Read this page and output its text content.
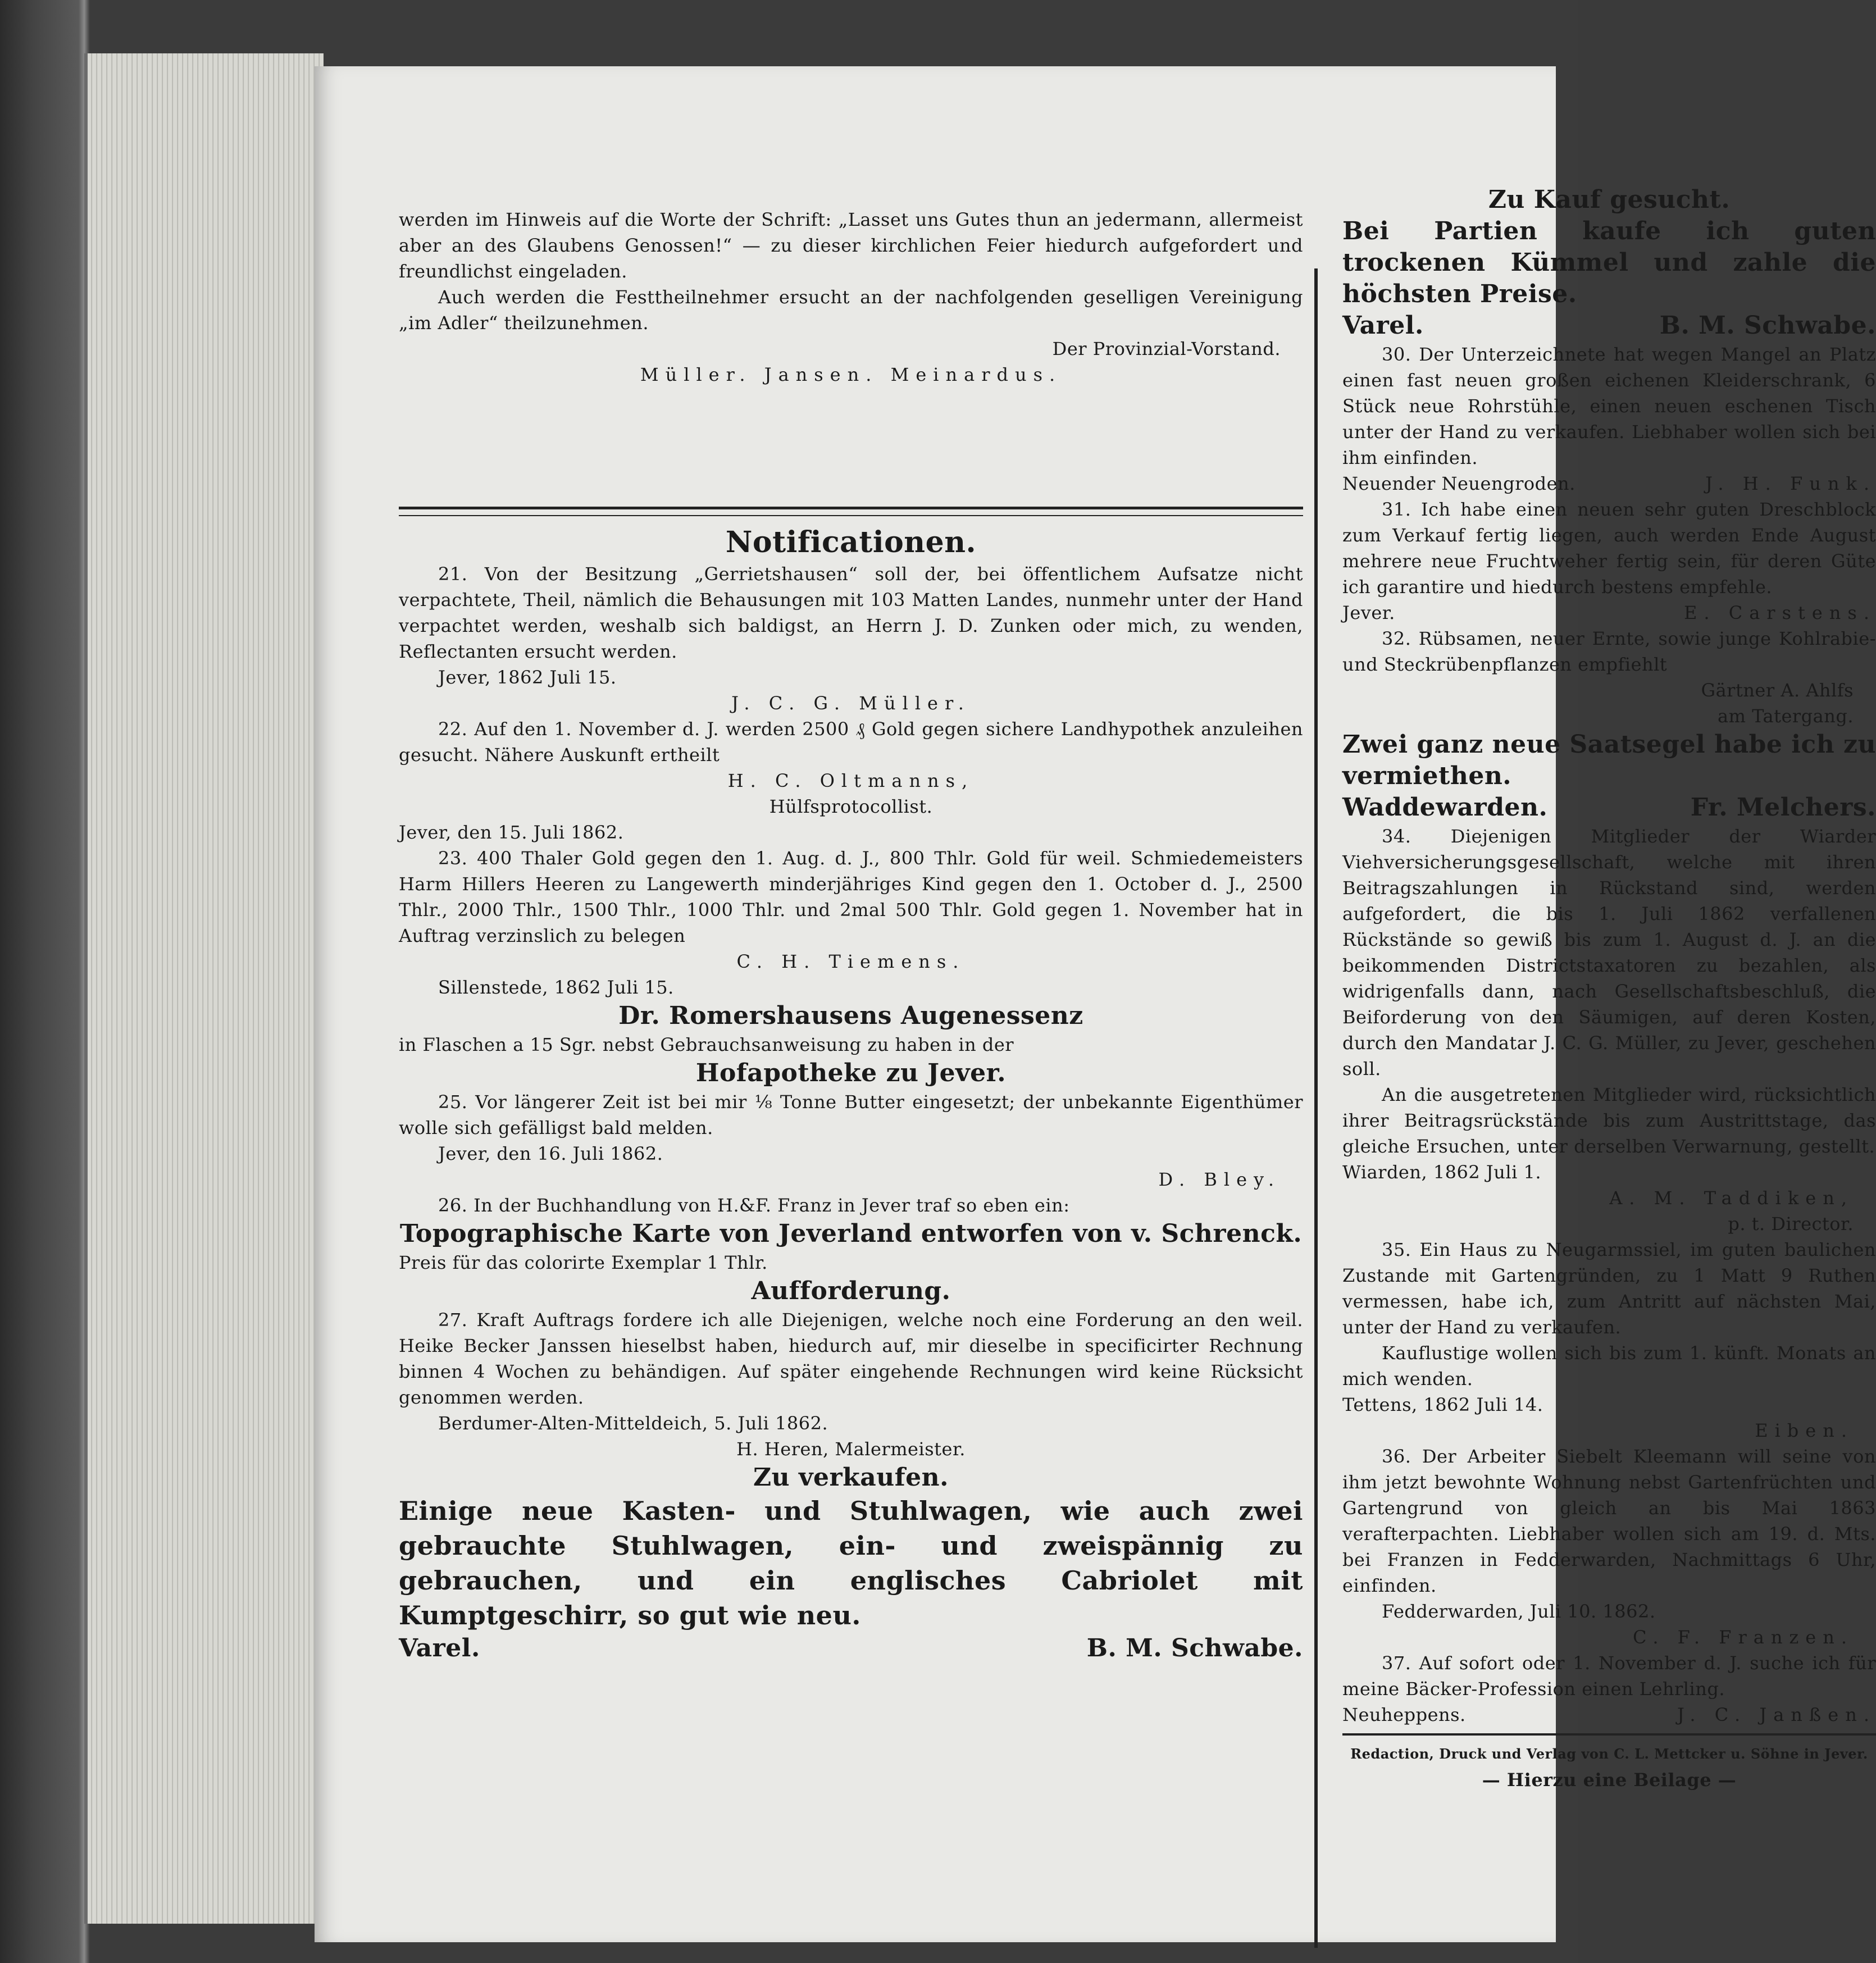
werden im Hinweis auf die Worte der Schrift: „Lasset uns Gutes thun an jedermann, allermeist aber an des Glaubens Genossen!“ — zu dieser kirchlichen Feier hiedurch aufgefordert und freundlichst eingeladen.

Auch werden die Festtheilnehmer ersucht an der nachfolgenden geselligen Vereinigung „im Adler“ theilzunehmen.

Der Provinzial-Vorstand.

Müller. Jansen. Meinardus.

Notificationen.

21. Von der Besitzung „Gerrietshausen“ soll der, bei öffentlichem Aufsatze nicht verpachtete, Theil, nämlich die Behausungen mit 103 Matten Landes, nunmehr unter der Hand verpachtet werden, weshalb sich baldigst, an Herrn J. D. Zunken oder mich, zu wenden, Reflectanten ersucht werden.

Jever, 1862 Juli 15.

J. C. G. Müller.

22. Auf den 1. November d. J. werden 2500 ₰ Gold gegen sichere Landhypothek anzuleihen gesucht. Nähere Auskunft ertheilt

H. C. Oltmanns,

Hülfsprotocollist.

Jever, den 15. Juli 1862.

23. 400 Thaler Gold gegen den 1. Aug. d. J., 800 Thlr. Gold für weil. Schmiedemeisters Harm Hillers Heeren zu Langewerth minderjähriges Kind gegen den 1. October d. J., 2500 Thlr., 2000 Thlr., 1500 Thlr., 1000 Thlr. und 2mal 500 Thlr. Gold gegen 1. November hat in Auftrag verzinslich zu belegen

C. H. Tiemens.

Sillenstede, 1862 Juli 15.

Dr. Romershausens Augenessenz

in Flaschen a 15 Sgr. nebst Gebrauchsanweisung zu haben in der

Hofapotheke zu Jever.

25. Vor längerer Zeit ist bei mir ⅛ Tonne Butter eingesetzt; der unbekannte Eigenthümer wolle sich gefälligst bald melden.

Jever, den 16. Juli 1862.

D. Bley.

26. In der Buchhandlung von H.&F. Franz in Jever traf so eben ein:

Topographische Karte von Jeverland entworfen von v. Schrenck.

Preis für das colorirte Exemplar 1 Thlr.

Aufforderung.

27. Kraft Auftrags fordere ich alle Diejenigen, welche noch eine Forderung an den weil. Heike Becker Janssen hieselbst haben, hiedurch auf, mir dieselbe in specificirter Rechnung binnen 4 Wochen zu behändigen. Auf später eingehende Rechnungen wird keine Rücksicht genommen werden.

Berdumer-Alten-Mitteldeich, 5. Juli 1862.

H. Heren, Malermeister.

Zu verkaufen.

Einige neue Kasten- und Stuhlwagen, wie auch zwei gebrauchte Stuhlwagen, ein- und zweispännig zu gebrauchen, und ein englisches Cabriolet mit Kumptgeschirr, so gut wie neu.

Varel.	B. M. Schwabe.

Zu Kauf gesucht.

Bei Partien kaufe ich guten trockenen Kümmel und zahle die höchsten Preise.

Varel.	B. M. Schwabe.

30. Der Unterzeichnete hat wegen Mangel an Platz einen fast neuen großen eichenen Kleiderschrank, 6 Stück neue Rohrstühle, einen neuen eschenen Tisch unter der Hand zu verkaufen. Liebhaber wollen sich bei ihm einfinden.

Neuender Neuengroden.	J. H. Funk.

31. Ich habe einen neuen sehr guten Dreschblock zum Verkauf fertig liegen, auch werden Ende August mehrere neue Fruchtweher fertig sein, für deren Güte ich garantire und hiedurch bestens empfehle.

Jever.	E. Carstens.

32. Rübsamen, neuer Ernte, sowie junge Kohlrabie- und Steckrübenpflanzen empfiehlt

Gärtner A. Ahlfs

am Tatergang.

Zwei ganz neue Saatsegel habe ich zu vermiethen.

Waddewarden.	Fr. Melchers.

34. Diejenigen Mitglieder der Wiarder Viehversicherungsgesellschaft, welche mit ihren Beitragszahlungen in Rückstand sind, werden aufgefordert, die bis 1. Juli 1862 verfallenen Rückstände so gewiß bis zum 1. August d. J. an die beikommenden Districtstaxatoren zu bezahlen, als widrigenfalls dann, nach Gesellschaftsbeschluß, die Beiforderung von den Säumigen, auf deren Kosten, durch den Mandatar J. C. G. Müller, zu Jever, geschehen soll.

An die ausgetretenen Mitglieder wird, rücksichtlich ihrer Beitragsrückstände bis zum Austrittstage, das gleiche Ersuchen, unter derselben Verwarnung, gestellt.

Wiarden, 1862 Juli 1.

A. M. Taddiken,

p. t. Director.

35. Ein Haus zu Neugarmssiel, im guten baulichen Zustande mit Gartengründen, zu 1 Matt 9 Ruthen vermessen, habe ich, zum Antritt auf nächsten Mai, unter der Hand zu verkaufen.

Kauflustige wollen sich bis zum 1. künft. Monats an mich wenden.

Tettens, 1862 Juli 14.

Eiben.

36. Der Arbeiter Siebelt Kleemann will seine von ihm jetzt bewohnte Wohnung nebst Gartenfrüchten und Gartengrund von gleich an bis Mai 1863 verafterpachten. Liebhaber wollen sich am 19. d. Mts. bei Franzen in Fedderwarden, Nachmittags 6 Uhr, einfinden.

Fedderwarden, Juli 10. 1862.

C. F. Franzen.

37. Auf sofort oder 1. November d. J. suche ich für meine Bäcker-Profession einen Lehrling.

Neuheppens.	J. C. Janßen.

Redaction, Druck und Verlag von C. L. Mettcker u. Söhne in Jever.

— Hierzu eine Beilage —
